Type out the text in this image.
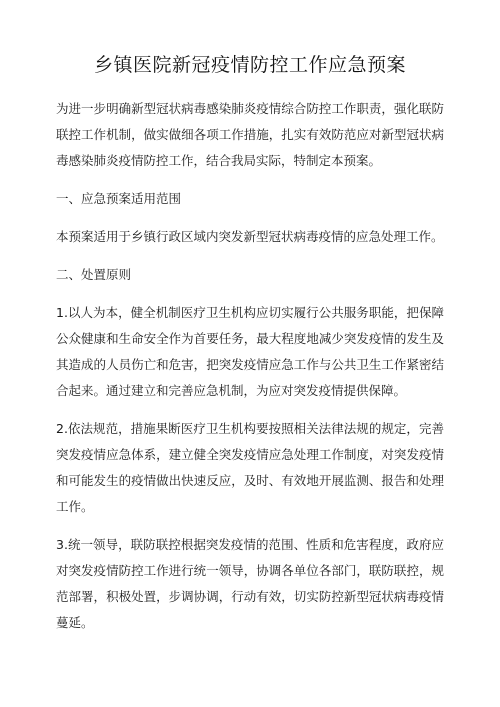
乡镇医院新冠疫情防控工作应急预案

为进一步明确新型冠状病毒感染肺炎疫情综合防控工作职责，强化联防联控工作机制，做实做细各项工作措施，扎实有效防范应对新型冠状病毒感染肺炎疫情防控工作，结合我局实际，特制定本预案。

一、应急预案适用范围

本预案适用于乡镇行政区域内突发新型冠状病毒疫情的应急处理工作。

二、处置原则

1.以人为本，健全机制医疗卫生机构应切实履行公共服务职能，把保障公众健康和生命安全作为首要任务，最大程度地减少突发疫情的发生及其造成的人员伤亡和危害，把突发疫情应急工作与公共卫生工作紧密结合起来。通过建立和完善应急机制，为应对突发疫情提供保障。

2.依法规范，措施果断医疗卫生机构要按照相关法律法规的规定，完善突发疫情应急体系，建立健全突发疫情应急处理工作制度，对突发疫情和可能发生的疫情做出快速反应，及时、有效地开展监测、报告和处理工作。

3.统一领导，联防联控根据突发疫情的范围、性质和危害程度，政府应对突发疫情防控工作进行统一领导，协调各单位各部门，联防联控，规范部署，积极处置，步调协调，行动有效，切实防控新型冠状病毒疫情蔓延。
